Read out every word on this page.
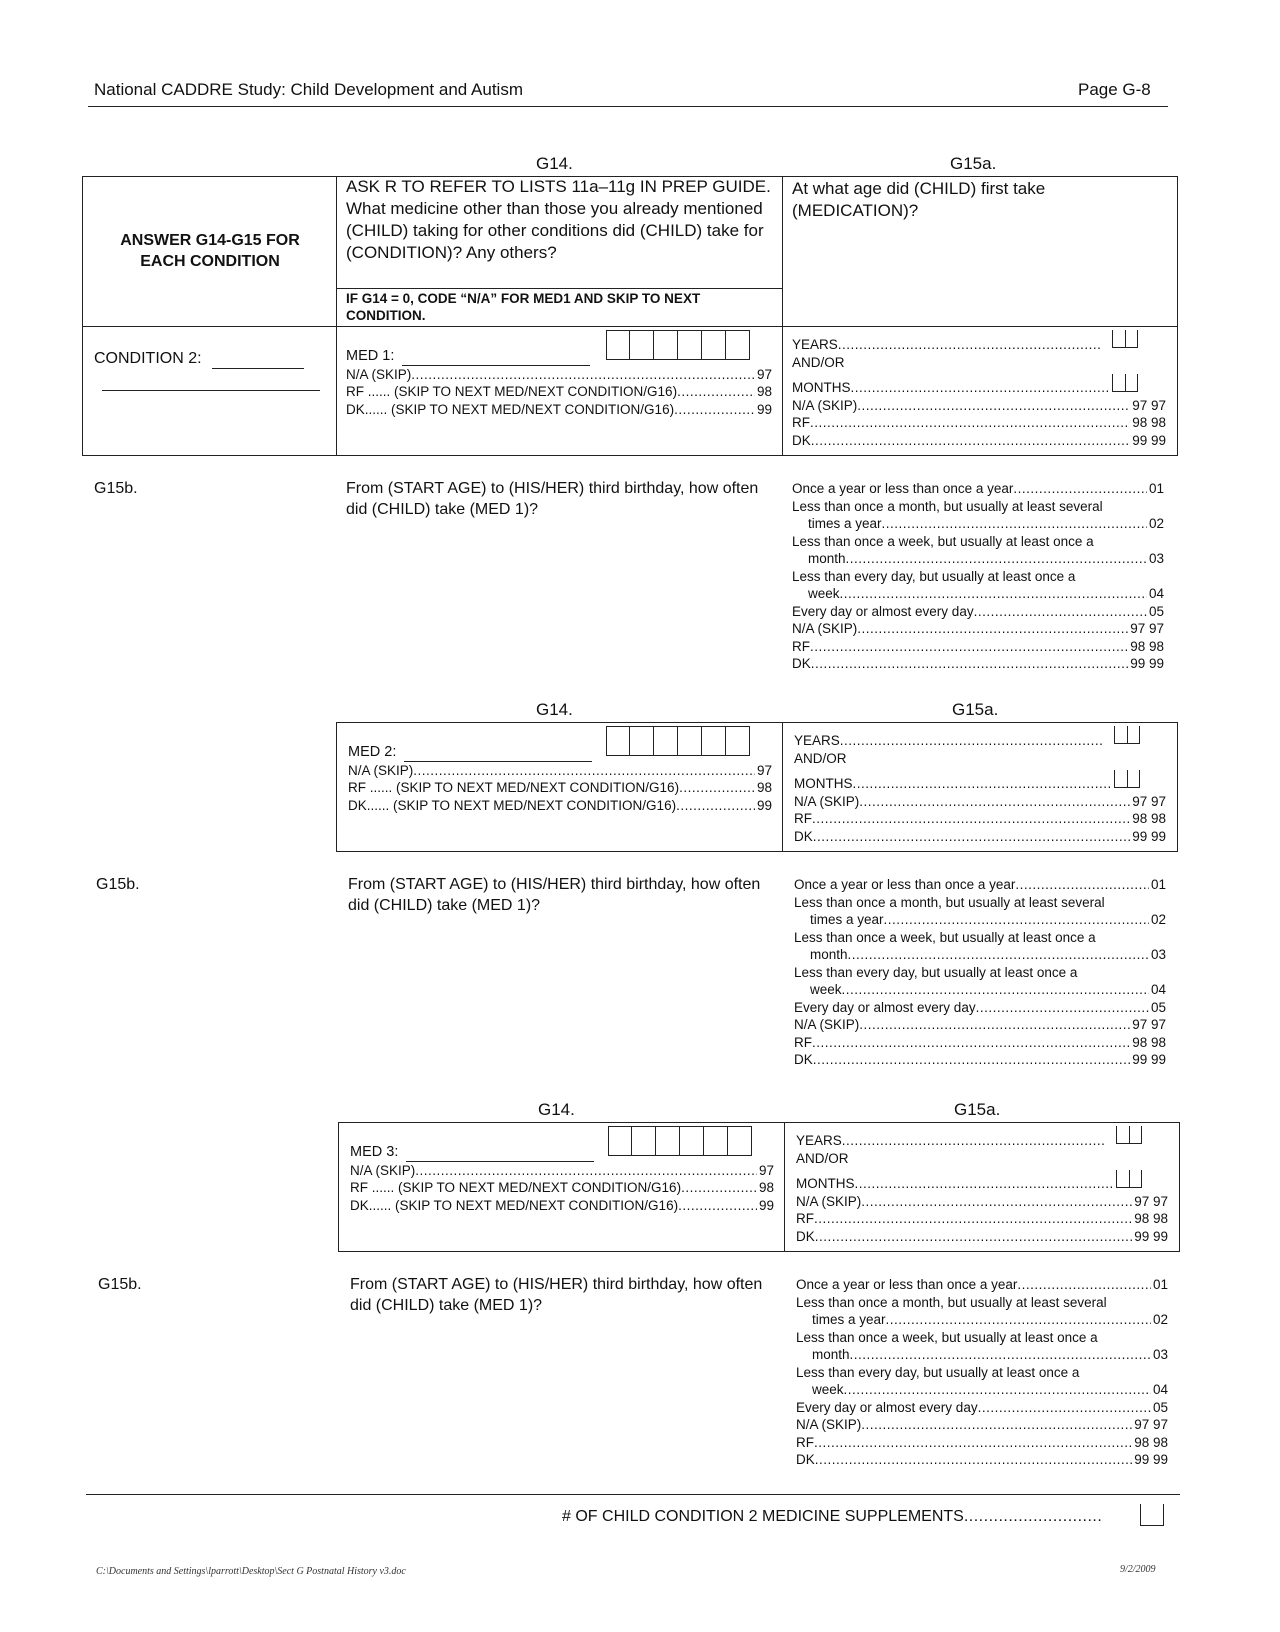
National CADDRE Study: Child Development and Autism	Page G-8
G14.	G15a.
ANSWER G14-G15 FOR EACH CONDITION
ASK R TO REFER TO LISTS 11a–11g IN PREP GUIDE. What medicine other than those you already mentioned (CHILD) taking for other conditions did (CHILD) take for (CONDITION)? Any others?
IF G14 = 0, CODE “N/A” FOR MED1 AND SKIP TO NEXT CONDITION.
At what age did (CHILD) first take (MEDICATION)?
CONDITION 2:	MED 1:
N/A (SKIP) .....	97
RF ...... (SKIP TO NEXT MED/NEXT CONDITION/G16) .....	98
DK...... (SKIP TO NEXT MED/NEXT CONDITION/G16) .....	99
YEARS
.....
AND/OR
MONTHS
.....
N/A (SKIP) .....	97 97
RF .....	98 98
DK .....	99 99
G15b.	From (START AGE) to (HIS/HER) third birthday, how often did (CHILD) take (MED 1)?
Once a year or less than once a year .....	01
Less than once a month, but usually at least several
times a year .....	02
Less than once a week, but usually at least once a
month .....	03
Less than every day, but usually at least once a
week .....	04
Every day or almost every day .....	05
N/A (SKIP) .....	97 97
RF .....	98 98
DK .....	99 99
G14.	G15a.
MED 2:
N/A (SKIP) .....	97
RF ...... (SKIP TO NEXT MED/NEXT CONDITION/G16) .....	98
DK...... (SKIP TO NEXT MED/NEXT CONDITION/G16) .....	99
YEARS
.....
AND/OR
MONTHS
.....
N/A (SKIP) .....	97 97
RF .....	98 98
DK .....	99 99
G15b.	From (START AGE) to (HIS/HER) third birthday, how often did (CHILD) take (MED 1)?
Once a year or less than once a year .....	01
Less than once a month, but usually at least several
times a year .....	02
Less than once a week, but usually at least once a
month .....	03
Less than every day, but usually at least once a
week .....	04
Every day or almost every day .....	05
N/A (SKIP) .....	97 97
RF .....	98 98
DK .....	99 99
G14.	G15a.
MED 3:
N/A (SKIP) .....	97
RF ...... (SKIP TO NEXT MED/NEXT CONDITION/G16) .....	98
DK...... (SKIP TO NEXT MED/NEXT CONDITION/G16) .....	99
YEARS
.....
AND/OR
MONTHS
.....
N/A (SKIP) .....	97 97
RF .....	98 98
DK .....	99 99
G15b.	From (START AGE) to (HIS/HER) third birthday, how often did (CHILD) take (MED 1)?
Once a year or less than once a year .....	01
Less than once a month, but usually at least several
times a year .....	02
Less than once a week, but usually at least once a
month .....	03
Less than every day, but usually at least once a
week .....	04
Every day or almost every day .....	05
N/A (SKIP) .....	97 97
RF .....	98 98
DK .....	99 99
# OF CHILD CONDITION 2 MEDICINE SUPPLEMENTS
.....
C:\Documents and Settings\lparrott\Desktop\Sect G Postnatal History v3.doc	9/2/2009
